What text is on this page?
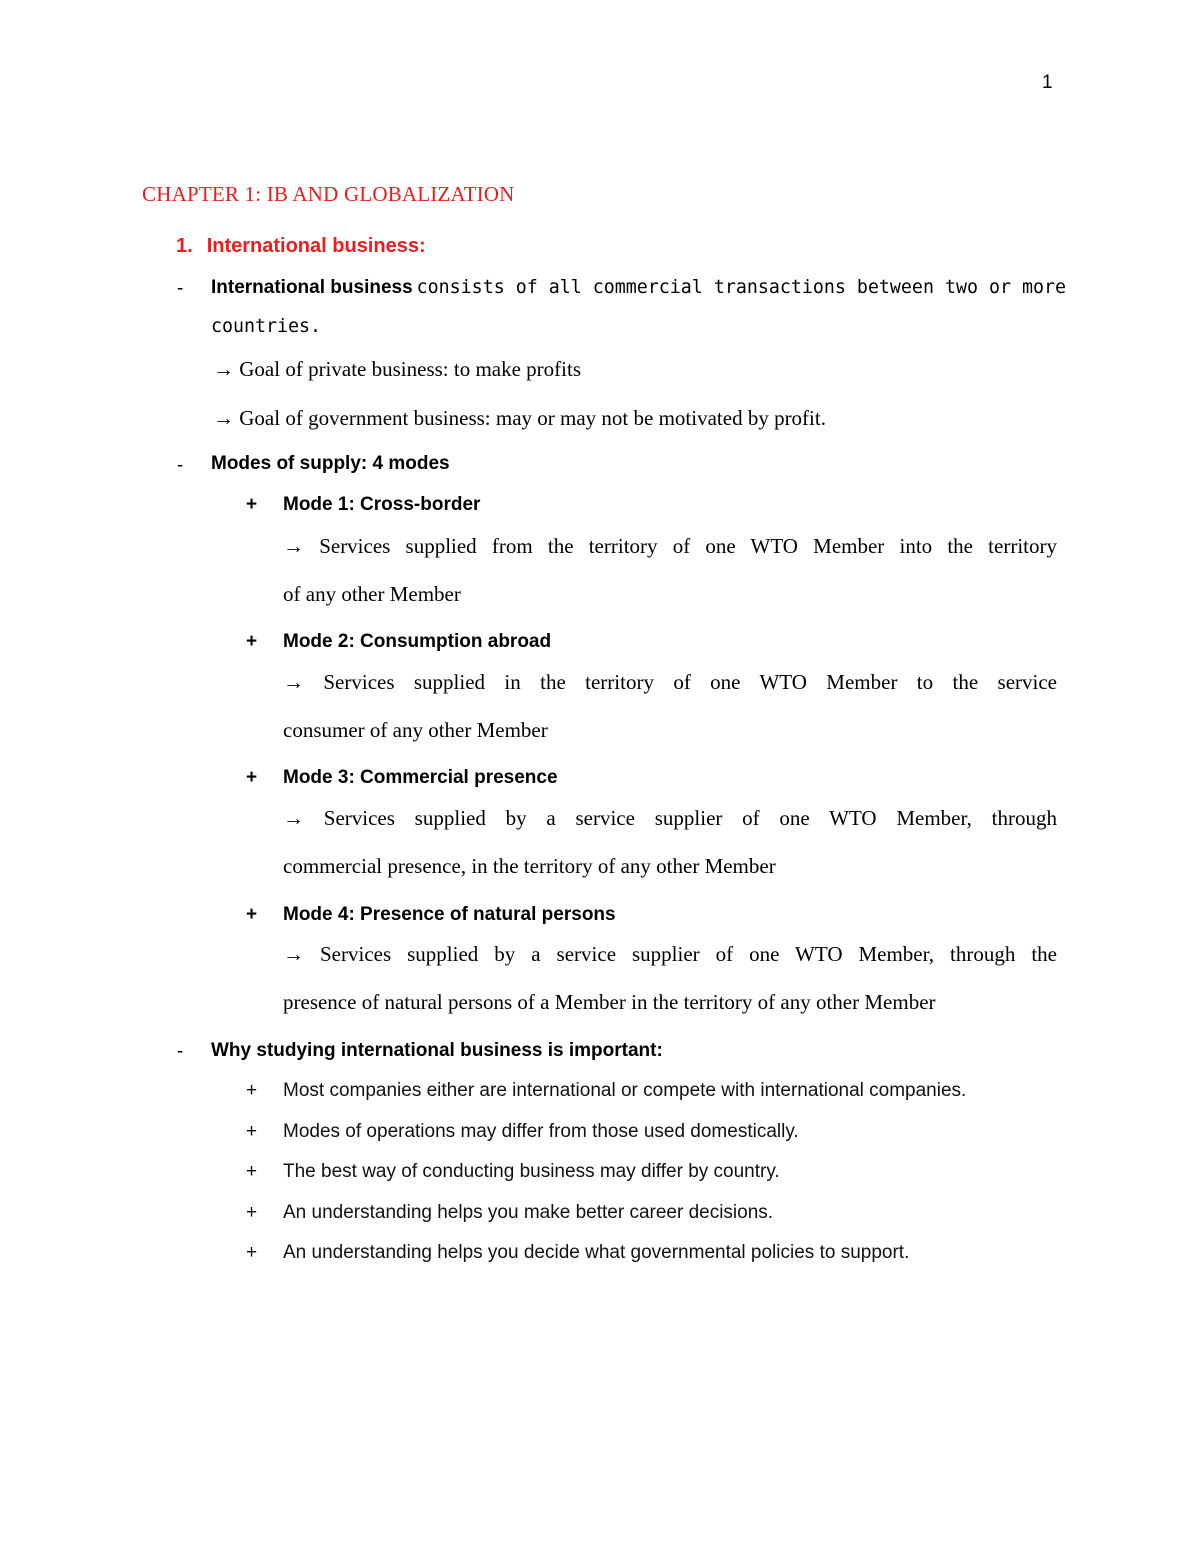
1
CHAPTER 1: IB AND GLOBALIZATION
1. International business:
- International business consists of all commercial transactions between two or more
countries.
→ Goal of private business: to make profits
→ Goal of government business: may or may not be motivated by profit.
- Modes of supply: 4 modes
+ Mode 1: Cross-border
→ Services supplied from the territory of one WTO Member into the territory
of any other Member
+ Mode 2: Consumption abroad
→ Services supplied in the territory of one WTO Member to the service
consumer of any other Member
+ Mode 3: Commercial presence
→ Services supplied by a service supplier of one WTO Member, through
commercial presence, in the territory of any other Member
+ Mode 4: Presence of natural persons
→ Services supplied by a service supplier of one WTO Member, through the
presence of natural persons of a Member in the territory of any other Member
- Why studying international business is important:
+ Most companies either are international or compete with international companies.
+ Modes of operations may differ from those used domestically.
+ The best way of conducting business may differ by country.
+ An understanding helps you make better career decisions.
+ An understanding helps you decide what governmental policies to support.
